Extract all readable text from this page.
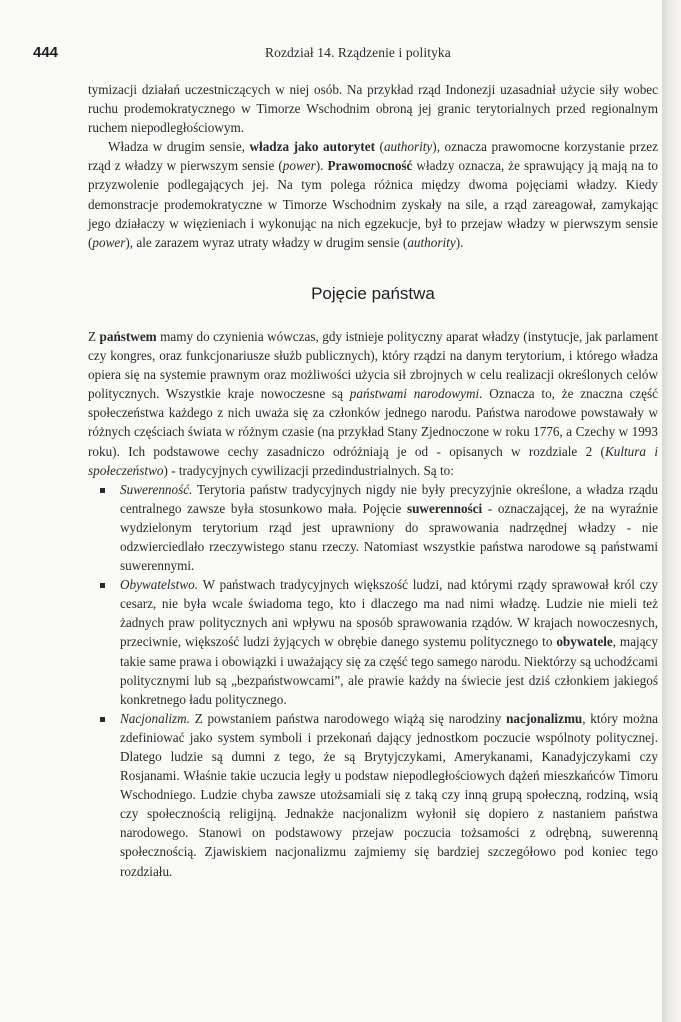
444	Rozdział 14. Rządzenie i polityka

tymizacji działań uczestniczących w niej osób. Na przykład rząd Indonezji uzasadniał użycie siły wobec ruchu prodemokratycznego w Timorze Wschodnim obroną jej granic terytorialnych przed regionalnym ruchem niepodległościowym.

Władza w drugim sensie, władza jako autorytet (authority), oznacza prawomocne korzystanie przez rząd z władzy w pierwszym sensie (power). Prawomocność władzy oznacza, że sprawujący ją mają na to przyzwolenie podlegających jej. Na tym polega różnica między dwoma pojęciami władzy. Kiedy demonstracje prodemokratyczne w Timorze Wschodnim zyskały na sile, a rząd zareagował, zamykając jego działaczy w więzieniach i wykonując na nich egzekucje, był to przejaw władzy w pierwszym sensie (power), ale zarazem wyraz utraty władzy w drugim sensie (authority).

Pojęcie państwa

Z państwem mamy do czynienia wówczas, gdy istnieje polityczny aparat władzy (instytucje, jak parlament czy kongres, oraz funkcjonariusze służb publicznych), który rządzi na danym terytorium, i którego władza opiera się na systemie prawnym oraz możliwości użycia sił zbrojnych w celu realizacji określonych celów politycznych. Wszystkie kraje nowoczesne są państwami narodowymi. Oznacza to, że znaczna część społeczeństwa każdego z nich uważa się za członków jednego narodu. Państwa narodowe powstawały w różnych częściach świata w różnym czasie (na przykład Stany Zjednoczone w roku 1776, a Czechy w 1993 roku). Ich podstawowe cechy zasadniczo odróżniają je od - opisanych w rozdziale 2 (Kultura i społeczeństwo) - tradycyjnych cywilizacji przedindustrialnych. Są to:

Suwerenność. Terytoria państw tradycyjnych nigdy nie były precyzyjnie określone, a władza rządu centralnego zawsze była stosunkowo mała. Pojęcie suwerenności - oznaczającej, że na wyraźnie wydzielonym terytorium rząd jest uprawniony do sprawowania nadrzędnej władzy - nie odzwierciedlało rzeczywistego stanu rzeczy. Natomiast wszystkie państwa narodowe są państwami suwerennymi.
Obywatelstwo. W państwach tradycyjnych większość ludzi, nad którymi rządy sprawował król czy cesarz, nie była wcale świadoma tego, kto i dlaczego ma nad nimi władzę. Ludzie nie mieli też żadnych praw politycznych ani wpływu na sposób sprawowania rządów. W krajach nowoczesnych, przeciwnie, większość ludzi żyjących w obrębie danego systemu politycznego to obywatele, mający takie same prawa i obowiązki i uważający się za część tego samego narodu. Niektórzy są uchodźcami politycznymi lub są „bezpaństwowcami”, ale prawie każdy na świecie jest dziś członkiem jakiegoś konkretnego ładu politycznego.
Nacjonalizm. Z powstaniem państwa narodowego wiążą się narodziny nacjonalizmu, który można zdefiniować jako system symboli i przekonań dający jednostkom poczucie wspólnoty politycznej. Dlatego ludzie są dumni z tego, że są Brytyjczykami, Amerykanami, Kanadyjczykami czy Rosjanami. Właśnie takie uczucia legły u podstaw niepodległościowych dążeń mieszkańców Timoru Wschodniego. Ludzie chyba zawsze utożsamiali się z taką czy inną grupą społeczną, rodziną, wsią czy społecznością religijną. Jednakże nacjonalizm wyłonił się dopiero z nastaniem państwa narodowego. Stanowi on podstawowy przejaw poczucia tożsamości z odrębną, suwerenną społecznością. Zjawiskiem nacjonalizmu zajmiemy się bardziej szczegółowo pod koniec tego rozdziału.
